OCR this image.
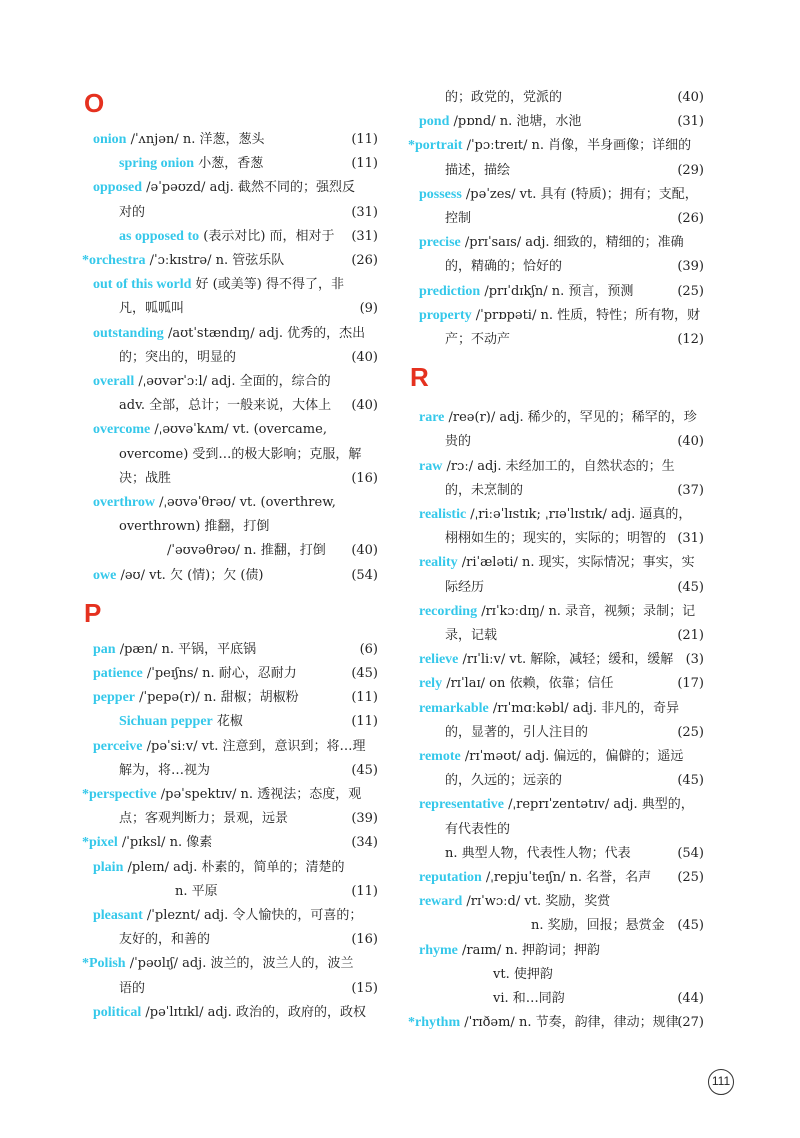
O
onion /ˈʌnjən/ n. 洋葱，葱头	(11)
spring onion 小葱，香葱	(11)
opposed /əˈpəʊzd/ adj. 截然不同的；强烈反
对的	(31)
as opposed to (表示对比) 而，相对于 (31)
*orchestra /ˈɔːkɪstrə/ n. 管弦乐队	(26)
out of this world 好 (或美等) 得不得了，非
凡，呱呱叫	(9)
outstanding /aʊtˈstændɪŋ/ adj. 优秀的，杰出
的；突出的，明显的	(40)
overall /ˌəʊvərˈɔːl/ adj. 全面的，综合的
adv. 全部，总计；一般来说，大体上 (40)
overcome /ˌəʊvəˈkʌm/ vt. (overcame,
overcome) 受到…的极大影响；克服，解
决；战胜	(16)
overthrow /ˌəʊvəˈθrəʊ/ vt. (overthrew,
overthrown) 推翻，打倒
/ˈəʊvəθrəʊ/ n. 推翻，打倒 (40)
owe /əʊ/ vt. 欠 (情)；欠 (债)	(54)
P
pan /pæn/ n. 平锅，平底锅	(6)
patience /ˈpeɪʃns/ n. 耐心，忍耐力	(45)
pepper /ˈpepə(r)/ n. 甜椒；胡椒粉	(11)
Sichuan pepper 花椒	(11)
perceive /pəˈsiːv/ vt. 注意到，意识到；将…理
解为，将…视为	(45)
*perspective /pəˈspektɪv/ n. 透视法；态度，观
点；客观判断力；景观，远景	(39)
*pixel /ˈpɪksl/ n. 像素	(34)
plain /pleɪn/ adj. 朴素的，简单的；清楚的
n. 平原	(11)
pleasant /ˈpleznt/ adj. 令人愉快的，可喜的；
友好的，和善的	(16)
*Polish /ˈpəʊlɪʃ/ adj. 波兰的，波兰人的，波兰
语的	(15)
political /pəˈlɪtɪkl/ adj. 政治的，政府的，政权
的；政党的，党派的	(40)
pond /pɒnd/ n. 池塘，水池	(31)
*portrait /ˈpɔːtreɪt/ n. 肖像，半身画像；详细的
描述，描绘	(29)
possess /pəˈzes/ vt. 具有 (特质)；拥有；支配，
控制	(26)
precise /prɪˈsaɪs/ adj. 细致的，精细的；准确
的，精确的；恰好的	(39)
prediction /prɪˈdɪkʃn/ n. 预言，预测	(25)
property /ˈprɒpəti/ n. 性质，特性；所有物，财
产；不动产	(12)
R
rare /reə(r)/ adj. 稀少的，罕见的；稀罕的，珍
贵的	(40)
raw /rɔː/ adj. 未经加工的，自然状态的；生
的，未烹制的	(37)
realistic /ˌriːəˈlɪstɪk; ˌrɪəˈlɪstɪk/ adj. 逼真的，
栩栩如生的；现实的，实际的；明智的 (31)
reality /riˈæləti/ n. 现实，实际情况；事实，实
际经历	(45)
recording /rɪˈkɔːdɪŋ/ n. 录音，视频；录制；记
录，记载	(21)
relieve /rɪˈliːv/ vt. 解除，减轻；缓和，缓解 (3)
rely /rɪˈlaɪ/ on 依赖，依靠；信任	(17)
remarkable /rɪˈmɑːkəbl/ adj. 非凡的，奇异
的，显著的，引人注目的	(25)
remote /rɪˈməʊt/ adj. 偏远的，偏僻的；遥远
的，久远的；远亲的	(45)
representative /ˌreprɪˈzentətɪv/ adj. 典型的，
有代表性的
n. 典型人物，代表性人物；代表	(54)
reputation /ˌrepjuˈteɪʃn/ n. 名誉，名声 (25)
reward /rɪˈwɔːd/ vt. 奖励，奖赏
n. 奖励，回报；悬赏金 (45)
rhyme /raɪm/ n. 押韵词；押韵
vt. 使押韵
vi. 和…同韵	(44)
*rhythm /ˈrɪðəm/ n. 节奏，韵律，律动；规律
(27)
111
